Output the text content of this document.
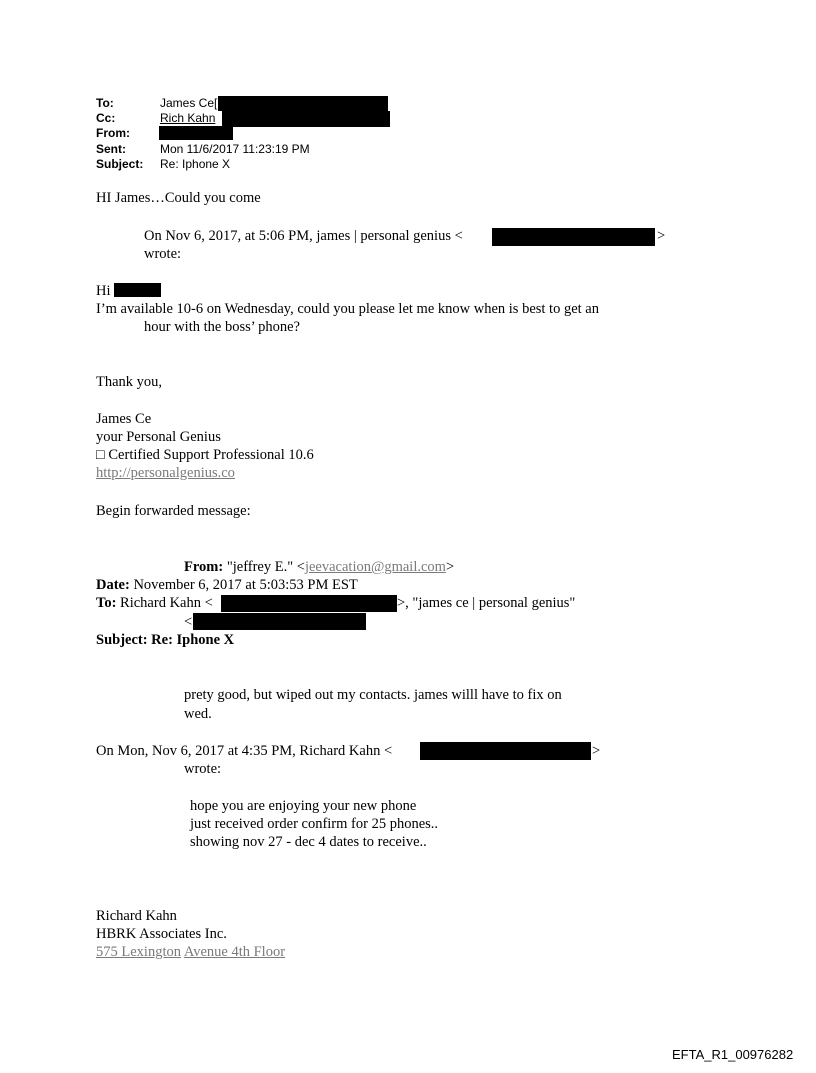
To:	James Ce[
Cc:	Rich Kahn
From:
Sent:	Mon 11/6/2017 11:23:19 PM
Subject: Re: Iphone X
HI James…Could you come
On Nov 6, 2017, at 5:06 PM, james | personal genius <	>
wrote:
Hi
I’m available 10-6 on Wednesday, could you please let me know when is best to get an
hour with the boss’ phone?
Thank you,
James Ce
your Personal Genius
□ Certified Support Professional 10.6
http://personalgenius.co
Begin forwarded message:
From: "jeffrey E." <jeevacation@gmail.com>
Date: November 6, 2017 at 5:03:53 PM EST
To: Richard Kahn <	>, "james ce | personal genius"
<
Subject: Re: Iphone X
prety good, but wiped out my contacts. james willl have to fix on
wed.
On Mon, Nov 6, 2017 at 4:35 PM, Richard Kahn <	>
wrote:
hope you are enjoying your new phone
just received order confirm for 25 phones..
showing nov 27 - dec 4 dates to receive..
Richard Kahn
HBRK Associates Inc.
575 Lexington Avenue 4th Floor
EFTA_R1_00976282
